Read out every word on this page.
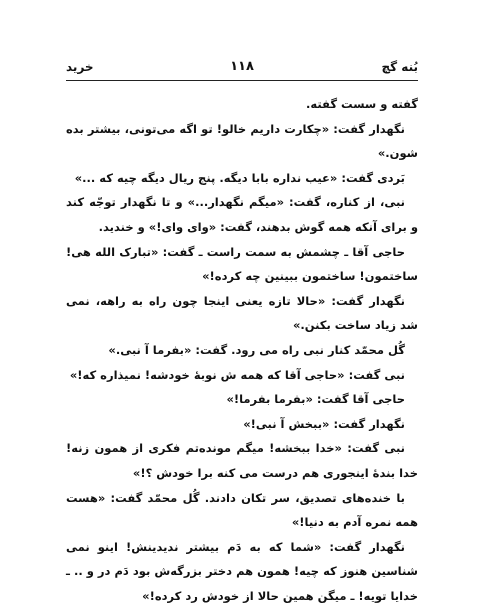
بُنه گچ
۱۱۸
خرید

گفته و سست گفته.

نگهدار گفت: «چکارت داریم خالو! تو اگه می‌تونی، بیشتر بده شون.»

بَردی گفت: «عیب نداره بابا دیگه. پنج ریال دیگه چیه که ...»

نبی، از کناره، گفت: «میگم نگهدار...» و تا نگهدار توجّه کند و برای آنکه همه گوش بدهند، گفت: «وای وای!» و خندید.

حاجی آقا ـ چشمش به سمت راست ـ گفت: «تبارک الله هی! ساختمون! ساختمون ببینین چه کرده!»

نگهدار گفت: «حالا تازه یعنی اینجا چون راه به راهه، نمی شد زیاد ساخت بکنن.»

گُل محمّد کنار نبی راه می رود. گفت: «بفرما آ نبی.»

نبی گفت: «حاجی آقا که همه ش نوبهٔ خودشه! نمیذاره که!»

حاجی آقا گفت: «بفرما بفرما!»

نگهدار گفت: «ببخش آ نبی!»

نبی گفت: «خدا ببخشه! میگم مونده‌تم فکری از همون زنه! خدا بندهٔ اینجوری هم درست می کنه برا خودش ؟!»

با خنده‌های تصدیق، سر تکان دادند. گُل محمّد گفت: «هست همه نمره آدم به دنیا!»

نگهدار گفت: «شما که به دَم بیشتر ندیدینش! اینو نمی شناسین هنوز که چیه! همون هم دختر بزرگه‌ش بود دَم در و .. ـ خدایا تویه! ـ میگن همین حالا از خودش رد کرده!»
